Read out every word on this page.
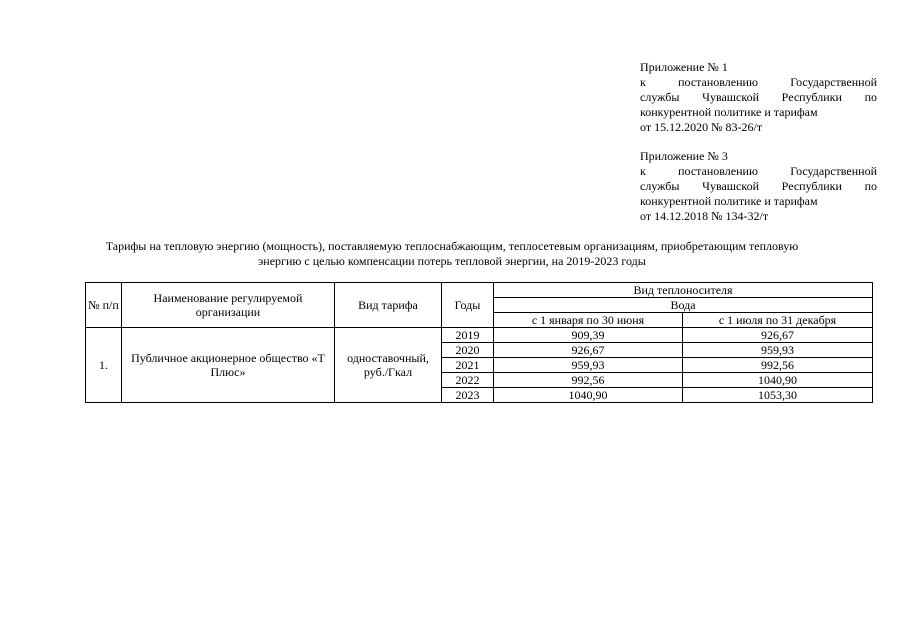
Приложение № 1
к постановлению Государственной
службы Чувашской Республики по
конкурентной политике и тарифам
от 15.12.2020 № 83-26/т
Приложение № 3
к постановлению Государственной
службы Чувашской Республики по
конкурентной политике и тарифам
от 14.12.2018 № 134-32/т
Тарифы на тепловую энергию (мощность), поставляемую теплоснабжающим, теплосетевым организациям, приобретающим тепловую
энергию с целью компенсации потерь тепловой энергии, на 2019-2023 годы
№ п/п	Наименование регулируемой организации	Вид тарифа	Годы	Вид теплоносителя	
				Вода	
				с 1 января по 30 июня	с 1 июля по 31 декабря
1.	Публичное акционерное общество «Т Плюс»	одноставочный, руб./Гкал	2019	909,39	926,67
			2020	926,67	959,93
			2021	959,93	992,56
			2022	992,56	1040,90
			2023	1040,90	1053,30
